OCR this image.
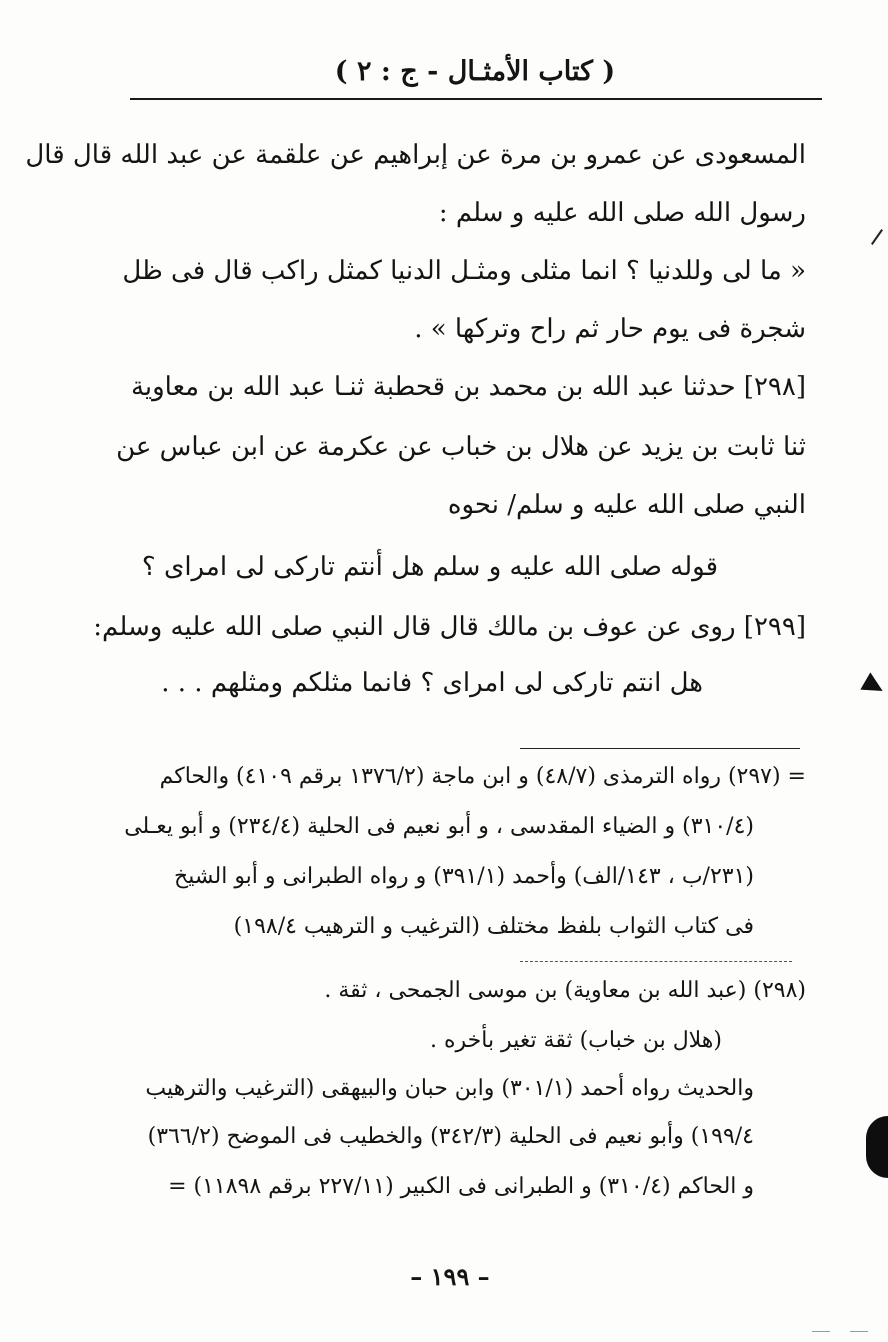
( كتاب الأمثـال - ج : ٢ )
المسعودى عن عمرو بن مرة عن إبراهيم عن علقمة عن عبد الله قال قال
رسول الله صلى الله عليه و سلم :
« ما لى وللدنيا ؟ انما مثلى ومثـل الدنيا كمثل راكب قال فى ظل
شجرة فى يوم حار ثم راح وتركها » .
[٢٩٨] حدثنا عبد الله بن محمد بن قحطبة ثنـا عبد الله بن معاوية
ثنا ثابت بن يزيد عن هلال بن خباب عن عكرمة عن ابن عباس عن
النبي صلى الله عليه و سلم/ نحوه
قوله صلى الله عليه و سلم هل أنتم تاركى لى امراى ؟
[٢٩٩] روى عن عوف بن مالك قال قال النبي صلى الله عليه وسلم:
هل انتم تاركى لى امراى ؟ فانما مثلكم ومثلهم . . .
= (٢٩٧) رواه الترمذى (٤٨/٧) و ابن ماجة (١٣٧٦/٢ برقم ٤١٠٩) والحاكم
(٣١٠/٤) و الضياء المقدسى ، و أبو نعيم فى الحلية (٢٣٤/٤) و أبو يعـلى
(٢٣١/ب ، ١٤٣/الف) وأحمد (٣٩١/١) و رواه الطبرانى و أبو الشيخ
فى كتاب الثواب بلفظ مختلف (الترغيب و الترهيب ١٩٨/٤)
(٢٩٨) (عبد الله بن معاوية) بن موسى الجمحى ، ثقة .
(هلال بن خباب) ثقة تغير بأخره .
والحديث رواه أحمد (٣٠١/١) وابن حبان والبيهقى (الترغيب والترهيب
١٩٩/٤) وأبو نعيم فى الحلية (٣٤٢/٣) والخطيب فى الموضح (٣٦٦/٢)
و الحاكم (٣١٠/٤) و الطبرانى فى الكبير (٢٢٧/١١ برقم ١١٨٩٨) =
– ١٩٩ –
